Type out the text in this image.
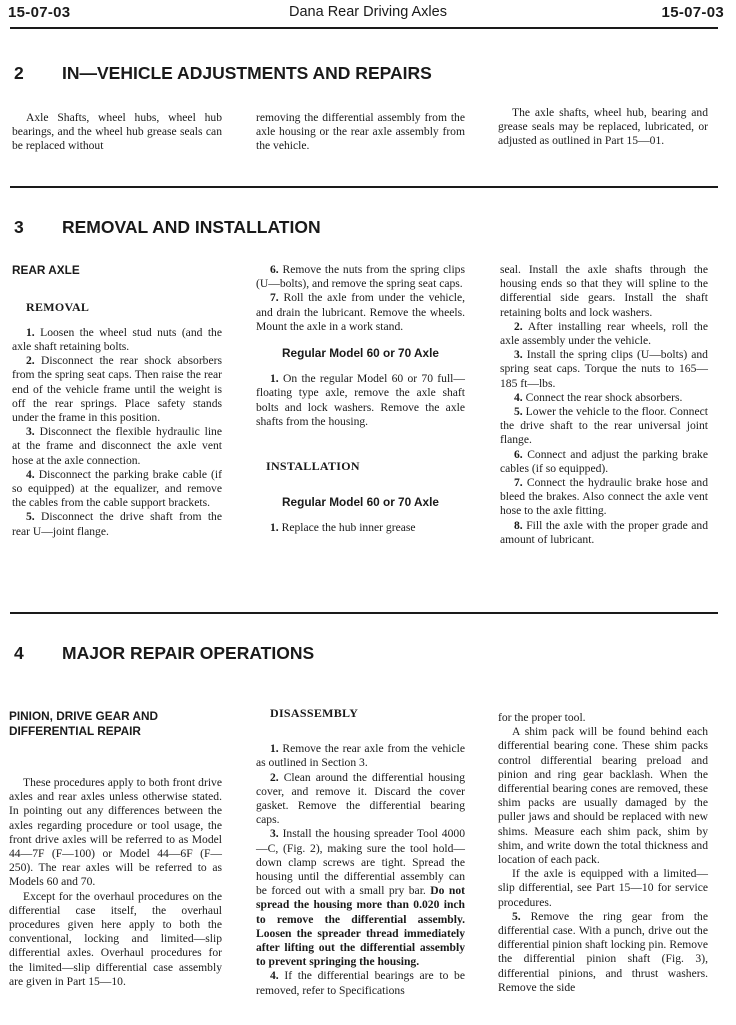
15-07-03	Dana Rear Driving Axles	15-07-03
2 IN—VEHICLE ADJUSTMENTS AND REPAIRS

Axle Shafts, wheel hubs, wheel hub bearings, and the wheel hub grease seals can be replaced without

removing the differential assembly from the axle housing or the rear axle assembly from the vehicle.

The axle shafts, wheel hub, bearing and grease seals may be replaced, lubricated, or adjusted as outlined in Part 15—01.

3 REMOVAL AND INSTALLATION
REAR AXLE
REMOVAL

1. Loosen the wheel stud nuts (and the axle shaft retaining bolts.

2. Disconnect the rear shock absorbers from the spring seat caps. Then raise the rear end of the vehicle frame until the weight is off the rear springs. Place safety stands under the frame in this position.

3. Disconnect the flexible hydraulic line at the frame and disconnect the axle vent hose at the axle connection.

4. Disconnect the parking brake cable (if so equipped) at the equalizer, and remove the cables from the cable support brackets.

5. Disconnect the drive shaft from the rear U—joint flange.

6. Remove the nuts from the spring clips (U—bolts), and remove the spring seat caps.

7. Roll the axle from under the vehicle, and drain the lubricant. Remove the wheels. Mount the axle in a work stand.

Regular Model 60 or 70 Axle

1. On the regular Model 60 or 70 full—floating type axle, remove the axle shaft bolts and lock washers. Remove the axle shafts from the housing.

INSTALLATION
Regular Model 60 or 70 Axle

1. Replace the hub inner grease

seal. Install the axle shafts through the housing ends so that they will spline to the differential side gears. Install the shaft retaining bolts and lock washers.

2. After installing rear wheels, roll the axle assembly under the vehicle.

3. Install the spring clips (U—bolts) and spring seat caps. Torque the nuts to 165—185 ft—lbs.

4. Connect the rear shock absorbers.

5. Lower the vehicle to the floor. Connect the drive shaft to the rear universal joint flange.

6. Connect and adjust the parking brake cables (if so equipped).

7. Connect the hydraulic brake hose and bleed the brakes. Also connect the axle vent hose to the axle fitting.

8. Fill the axle with the proper grade and amount of lubricant.

4 MAJOR REPAIR OPERATIONS
PINION, DRIVE GEAR AND DIFFERENTIAL REPAIR

These procedures apply to both front drive axles and rear axles unless otherwise stated. In pointing out any differences between the axles regarding procedure or tool usage, the front drive axles will be referred to as Model 44—7F (F—100) or Model 44—6F (F—250). The rear axles will be referred to as Models 60 and 70.

Except for the overhaul procedures on the differential case itself, the overhaul procedures given here apply to both the conventional, locking and limited—slip differential axles. Overhaul procedures for the limited—slip differential case assembly are given in Part 15—10.

DISASSEMBLY

1. Remove the rear axle from the vehicle as outlined in Section 3.

2. Clean around the differential housing cover, and remove it. Discard the cover gasket. Remove the differential bearing caps.

3. Install the housing spreader Tool 4000—C, (Fig. 2), making sure the tool hold—down clamp screws are tight. Spread the housing until the differential assembly can be forced out with a small pry bar. Do not spread the housing more than 0.020 inch to remove the differential assembly. Loosen the spreader thread immediately after lifting out the differential assembly to prevent springing the housing.

4. If the differential bearings are to be removed, refer to Specifications

for the proper tool.

A shim pack will be found behind each differential bearing cone. These shim packs control differential bearing preload and pinion and ring gear backlash. When the differential bearing cones are removed, these shim packs are usually damaged by the puller jaws and should be replaced with new shims. Measure each shim pack, shim by shim, and write down the total thickness and location of each pack.

If the axle is equipped with a limited—slip differential, see Part 15—10 for service procedures.

5. Remove the ring gear from the differential case. With a punch, drive out the differential pinion shaft locking pin. Remove the differential pinion shaft (Fig. 3), differential pinions, and thrust washers. Remove the side
